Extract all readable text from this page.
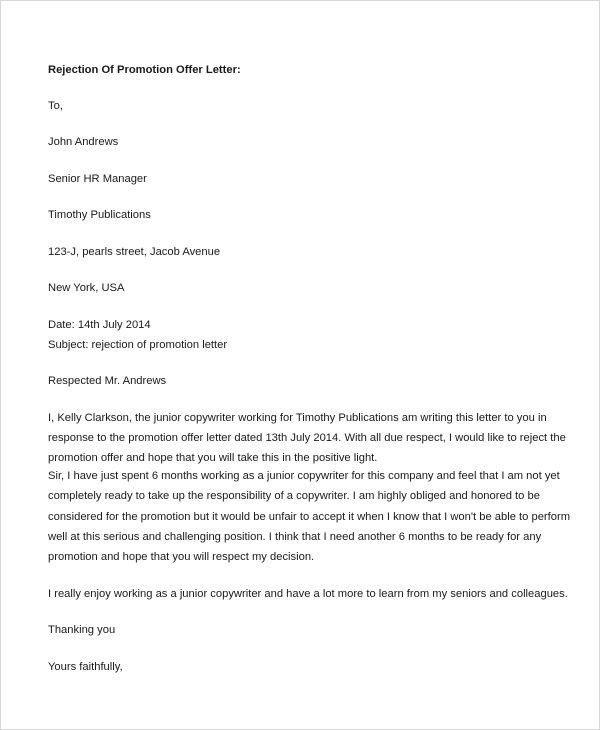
Rejection Of Promotion Offer Letter:

To,

John Andrews

Senior HR Manager

Timothy Publications

123-J, pearls street, Jacob Avenue

New York, USA

Date: 14th July 2014

Subject: rejection of promotion letter

Respected Mr. Andrews

I, Kelly Clarkson, the junior copywriter working for Timothy Publications am writing this letter to you in

response to the promotion offer letter dated 13th July 2014. With all due respect, I would like to reject the

promotion offer and hope that you will take this in the positive light.

Sir, I have just spent 6 months working as a junior copywriter for this company and feel that I am not yet

completely ready to take up the responsibility of a copywriter. I am highly obliged and honored to be

considered for the promotion but it would be unfair to accept it when I know that I won't be able to perform

well at this serious and challenging position. I think that I need another 6 months to be ready for any

promotion and hope that you will respect my decision.

I really enjoy working as a junior copywriter and have a lot more to learn from my seniors and colleagues.

Thanking you

Yours faithfully,
